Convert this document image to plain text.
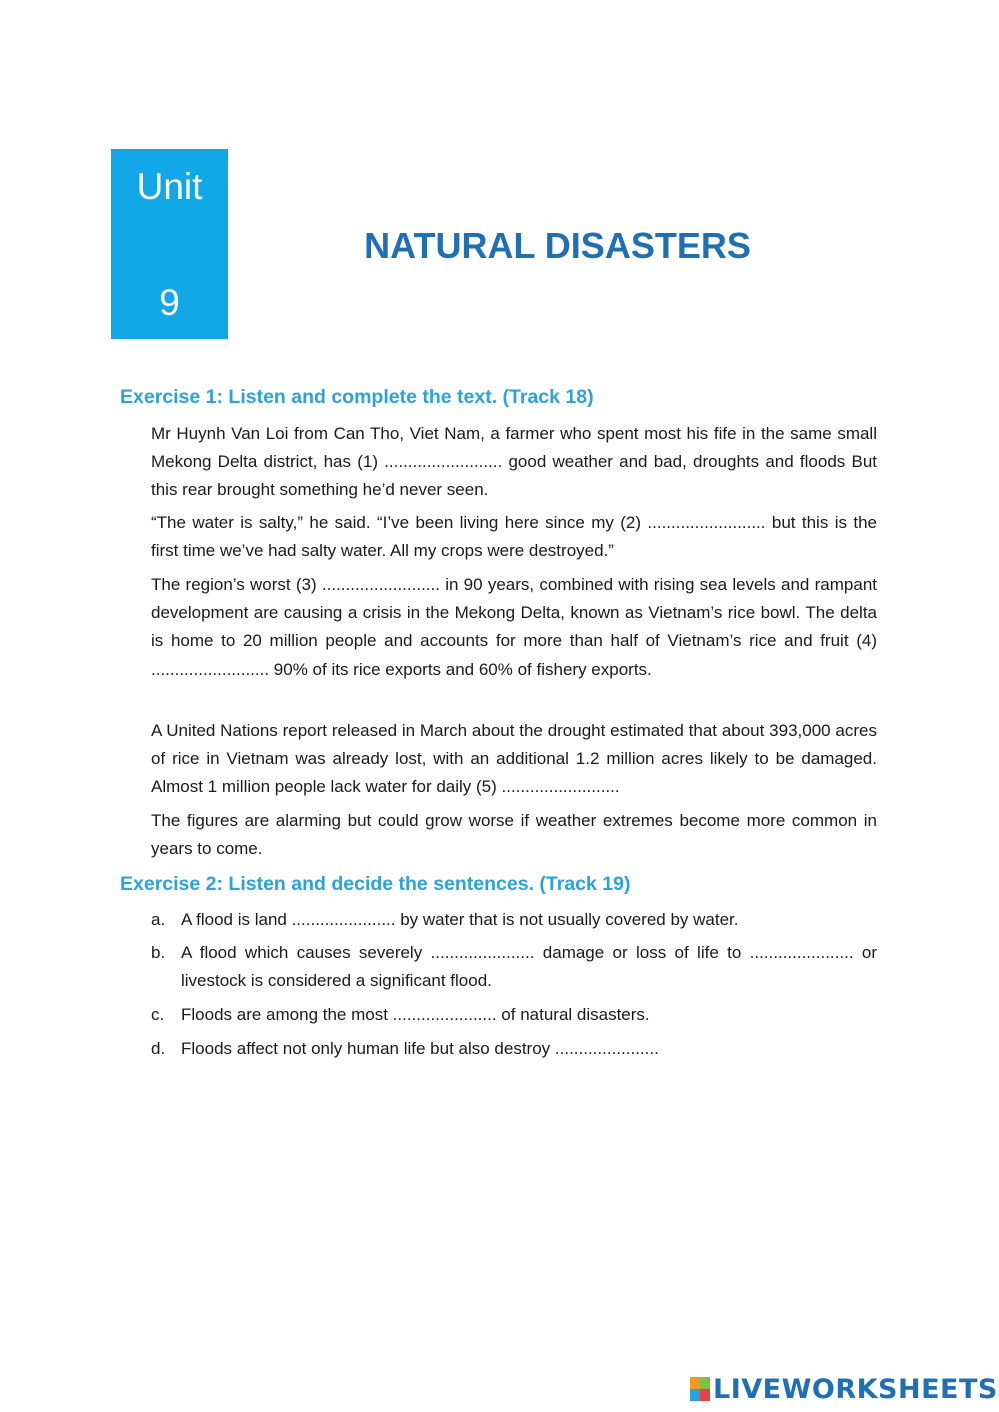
Unit
9
NATURAL DISASTERS
Exercise 1: Listen and complete the text. (Track 18)

Mr Huynh Van Loi from Can Tho, Viet Nam, a farmer who spent most his fife in the same small Mekong Delta district, has (1) ......................... good weather and bad, droughts and floods But this rear brought something he’d never seen.

“The water is salty,” he said. “I’ve been living here since my (2) ......................... but this is the first time we’ve had salty water. All my crops were destroyed.”

The region’s worst (3) ......................... in 90 years, combined with rising sea levels and rampant development are causing a crisis in the Mekong Delta, known as Vietnam’s rice bowl. The delta is home to 20 million people and accounts for more than half of Vietnam’s rice and fruit (4) ......................... 90% of its rice exports and 60% of fishery exports.

A United Nations report released in March about the drought estimated that about 393,000 acres of rice in Vietnam was already lost, with an additional 1.2 million acres likely to be damaged. Almost 1 million people lack water for daily (5) .........................

The figures are alarming but could grow worse if weather extremes become more common in years to come.

Exercise 2: Listen and decide the sentences. (Track 19)
a. A flood is land ...................... by water that is not usually covered by water.
b. A flood which causes severely ...................... damage or loss of life to ...................... or livestock is considered a significant flood.
c. Floods are among the most ...................... of natural disasters.
d. Floods affect not only human life but also destroy ......................
LIVEWORKSHEETS
